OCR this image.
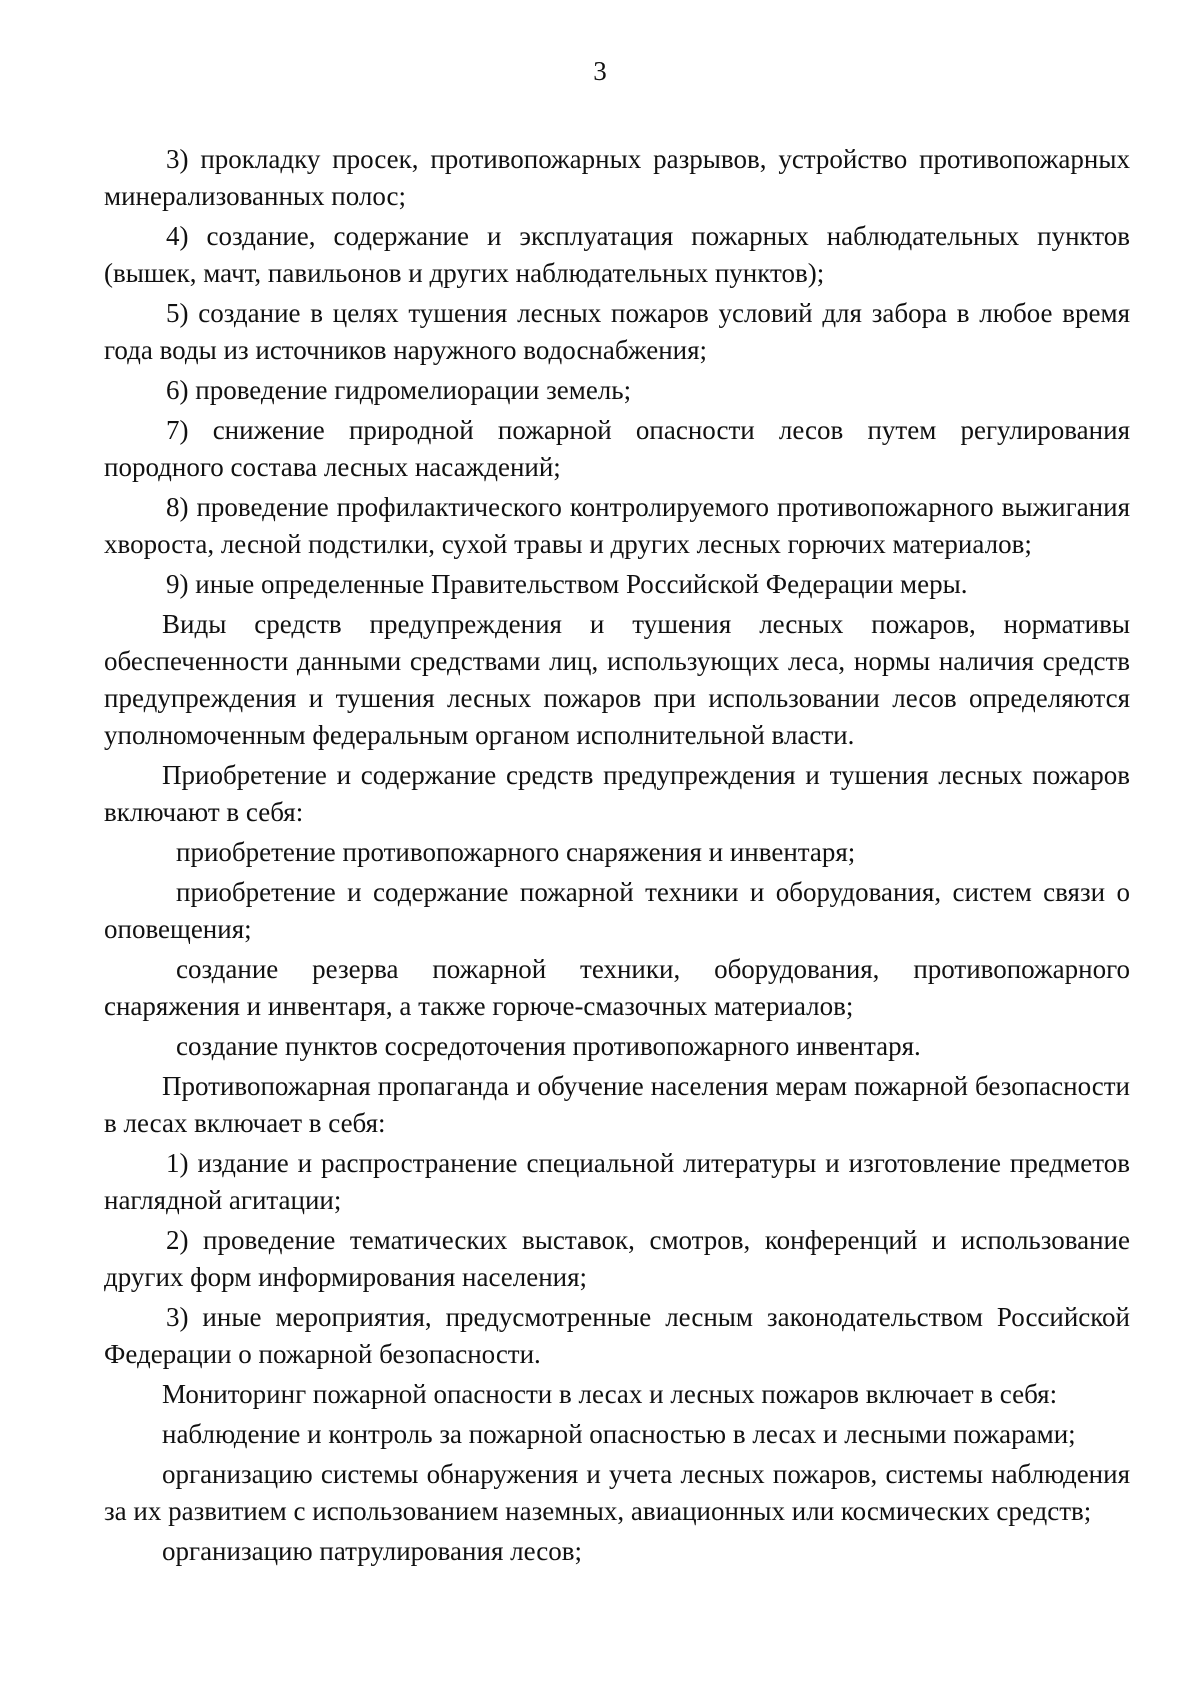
3

3) прокладку просек, противопожарных разрывов, устройство противопожарных минерализованных полос;

4) создание, содержание и эксплуатация пожарных наблюдательных пунктов (вышек, мачт, павильонов и других наблюдательных пунктов);

5) создание в целях тушения лесных пожаров условий для забора в любое время года воды из источников наружного водоснабжения;

6) проведение гидромелиорации земель;

7) снижение природной пожарной опасности лесов путем регулирования породного состава лесных насаждений;

8) проведение профилактического контролируемого противопожарного выжигания хвороста, лесной подстилки, сухой травы и других лесных горючих материалов;

9) иные определенные Правительством Российской Федерации меры.

Виды средств предупреждения и тушения лесных пожаров, нормативы обеспеченности данными средствами лиц, использующих леса, нормы наличия средств предупреждения и тушения лесных пожаров при использовании лесов определяются уполномоченным федеральным органом исполнительной власти.

Приобретение и содержание средств предупреждения и тушения лесных пожаров включают в себя:

приобретение противопожарного снаряжения и инвентаря;

приобретение и содержание пожарной техники и оборудования, систем связи о оповещения;

создание резерва пожарной техники, оборудования, противопожарного снаряжения и инвентаря, а также горюче-смазочных материалов;

создание пунктов сосредоточения противопожарного инвентаря.

Противопожарная пропаганда и обучение населения мерам пожарной безопасности в лесах включает в себя:

1) издание и распространение специальной литературы и изготовление предметов наглядной агитации;

2) проведение тематических выставок, смотров, конференций и использование других форм информирования населения;

3) иные мероприятия, предусмотренные лесным законодательством Российской Федерации о пожарной безопасности.

Мониторинг пожарной опасности в лесах и лесных пожаров включает в себя:

наблюдение и контроль за пожарной опасностью в лесах и лесными пожарами;

организацию системы обнаружения и учета лесных пожаров, системы наблюдения за их развитием с использованием наземных, авиационных или космических средств;

организацию патрулирования лесов;
